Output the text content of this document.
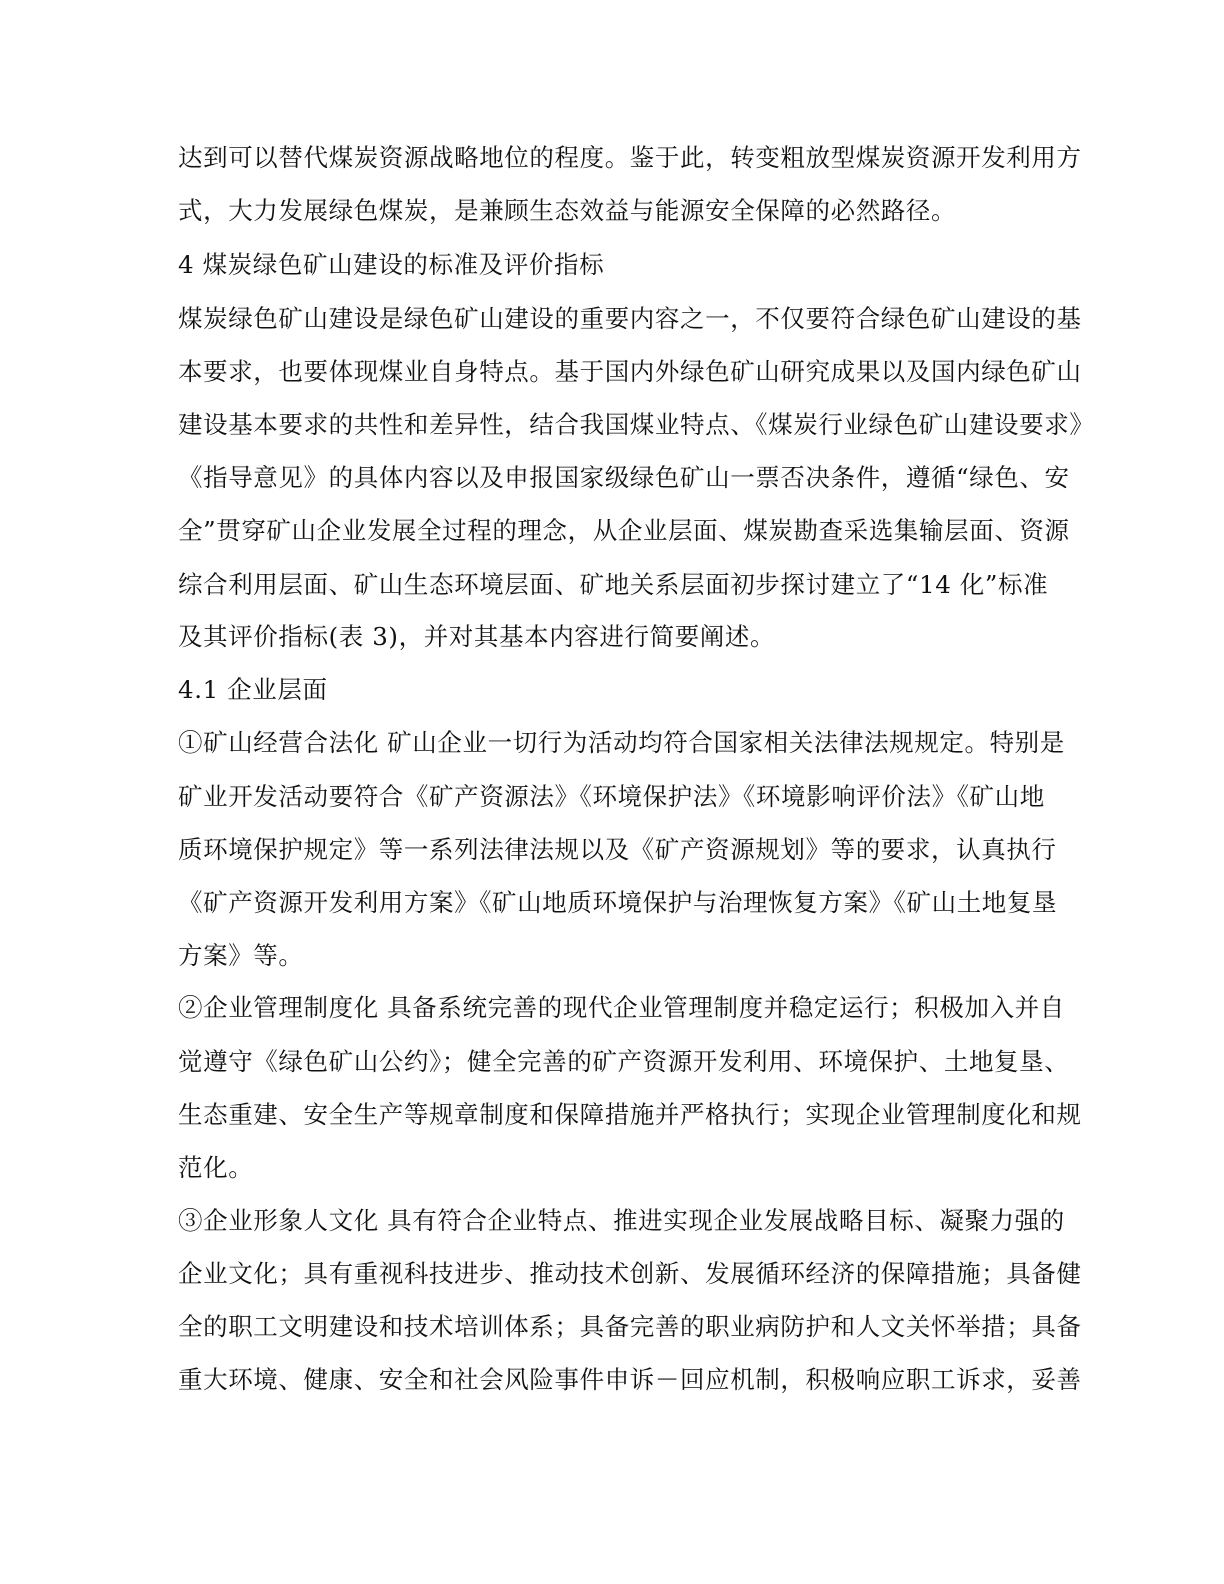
达到可以替代煤炭资源战略地位的程度。鉴于此，转变粗放型煤炭资源开发利用方
式，大力发展绿色煤炭，是兼顾生态效益与能源安全保障的必然路径。
4 煤炭绿色矿山建设的标准及评价指标
煤炭绿色矿山建设是绿色矿山建设的重要内容之一，不仅要符合绿色矿山建设的基
本要求，也要体现煤业自身特点。基于国内外绿色矿山研究成果以及国内绿色矿山
建设基本要求的共性和差异性，结合我国煤业特点、《煤炭行业绿色矿山建设要求》
《指导意见》的具体内容以及申报国家级绿色矿山一票否决条件，遵循“绿色、安
全”贯穿矿山企业发展全过程的理念，从企业层面、煤炭勘查采选集输层面、资源
综合利用层面、矿山生态环境层面、矿地关系层面初步探讨建立了“14 化”标准
及其评价指标(表 3)，并对其基本内容进行简要阐述。
4.1 企业层面
①矿山经营合法化 矿山企业一切行为活动均符合国家相关法律法规规定。特别是
矿业开发活动要符合《矿产资源法》《环境保护法》《环境影响评价法》《矿山地
质环境保护规定》等一系列法律法规以及《矿产资源规划》等的要求，认真执行
《矿产资源开发利用方案》《矿山地质环境保护与治理恢复方案》《矿山土地复垦
方案》等。
②企业管理制度化 具备系统完善的现代企业管理制度并稳定运行；积极加入并自
觉遵守《绿色矿山公约》；健全完善的矿产资源开发利用、环境保护、土地复垦、
生态重建、安全生产等规章制度和保障措施并严格执行；实现企业管理制度化和规
范化。
③企业形象人文化 具有符合企业特点、推进实现企业发展战略目标、凝聚力强的
企业文化；具有重视科技进步、推动技术创新、发展循环经济的保障措施；具备健
全的职工文明建设和技术培训体系；具备完善的职业病防护和人文关怀举措；具备
重大环境、健康、安全和社会风险事件申诉－回应机制，积极响应职工诉求，妥善
